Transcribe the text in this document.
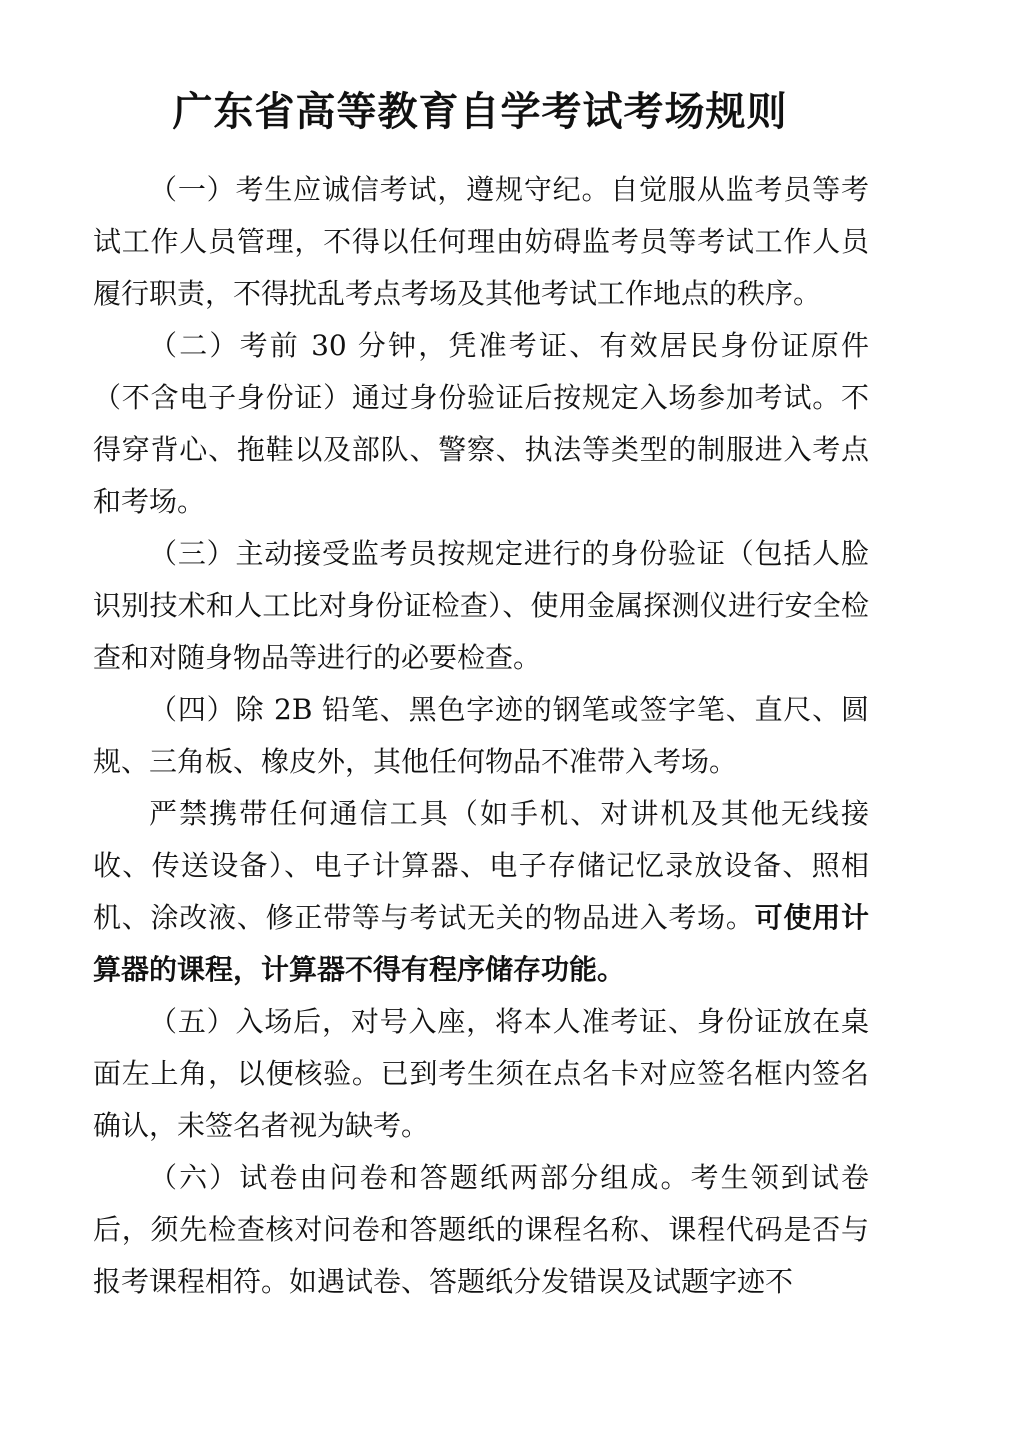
广东省高等教育自学考试考场规则

（一）考生应诚信考试，遵规守纪。自觉服从监考员等考试工作人员管理，不得以任何理由妨碍监考员等考试工作人员履行职责，不得扰乱考点考场及其他考试工作地点的秩序。

（二）考前 30 分钟，凭准考证、有效居民身份证原件（不含电子身份证）通过身份验证后按规定入场参加考试。不得穿背心、拖鞋以及部队、警察、执法等类型的制服进入考点和考场。

（三）主动接受监考员按规定进行的身份验证（包括人脸识别技术和人工比对身份证检查）、使用金属探测仪进行安全检查和对随身物品等进行的必要检查。

（四）除 2B 铅笔、黑色字迹的钢笔或签字笔、直尺、圆规、三角板、橡皮外，其他任何物品不准带入考场。

严禁携带任何通信工具（如手机、对讲机及其他无线接收、传送设备）、电子计算器、电子存储记忆录放设备、照相机、涂改液、修正带等与考试无关的物品进入考场。可使用计算器的课程，计算器不得有程序储存功能。

（五）入场后，对号入座，将本人准考证、身份证放在桌面左上角，以便核验。已到考生须在点名卡对应签名框内签名确认，未签名者视为缺考。

（六）试卷由问卷和答题纸两部分组成。考生领到试卷后，须先检查核对问卷和答题纸的课程名称、课程代码是否与报考课程相符。如遇试卷、答题纸分发错误及试题字迹不
